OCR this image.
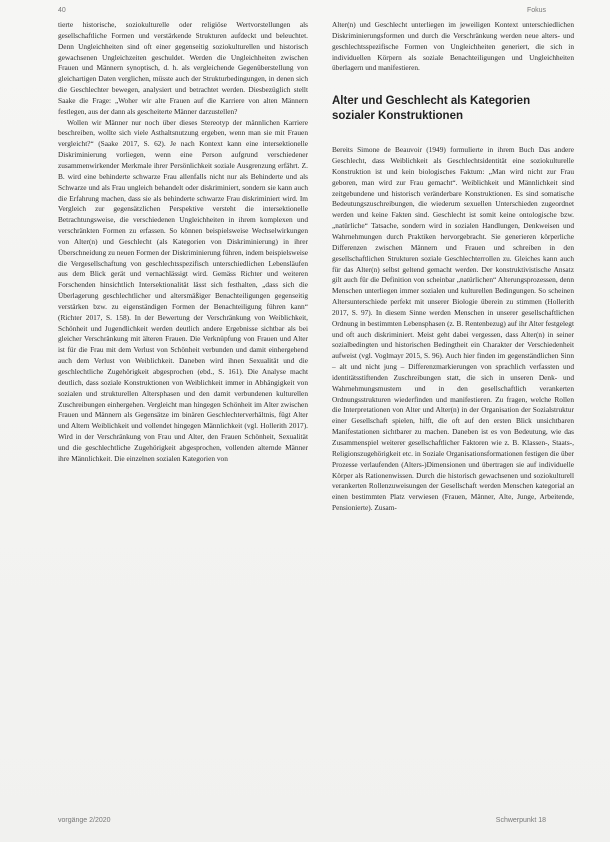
40	Fokus

tierte historische, soziokulturelle oder religiöse Wertvorstellungen als gesellschaftliche Formen und verstärkende Strukturen aufdeckt und beleuchtet. Denn Ungleichheiten sind oft einer gegenseitig soziokulturellen und historisch gewachsenen Ungleichzeiten geschuldet. Werden die Ungleichheiten zwischen Frauen und Männern synoptisch, d. h. als vergleichende Gegenüberstellung von gleichartigen Daten verglichen, müsste auch der Strukturbedingungen, in denen sich die Geschlechter bewegen, analysiert und betrachtet werden. Diesbezüglich stellt Saake die Frage: „Woher wir alte Frauen auf die Karriere von alten Männern festlegen, aus der dann als gescheiterte Männer darzustellen?

Wollen wir Männer nur noch über dieses Stereotyp der männlichen Karriere beschreiben, wollte sich viele Asthaltsnutzung ergeben, wenn man sie mit Frauen vergleicht?“ (Saake 2017, S. 62). Je nach Kontext kann eine intersektionelle Diskriminierung vorliegen, wenn eine Person aufgrund verschiedener zusammenwirkender Merkmale ihrer Persönlichkeit soziale Ausgrenzung erfährt. Z. B. wird eine behinderte schwarze Frau allenfalls nicht nur als Behinderte und als Schwarze und als Frau ungleich behandelt oder diskriminiert, sondern sie kann auch die Erfahrung machen, dass sie als behinderte schwarze Frau diskriminiert wird. Im Vergleich zur gegensätzlichen Perspektive versteht die intersektionelle Betrachtungsweise, die verschiedenen Ungleichheiten in ihrem komplexen und verschränkten Formen zu erfassen. So können beispielsweise Wechselwirkungen von Alter(n) und Geschlecht (als Kategorien von Diskriminierung) in ihrer Überschneidung zu neuen Formen der Diskriminierung führen, indem beispielsweise die Vergesellschaftung von geschlechtsspezifisch unterschiedlichen Lebensläufen aus dem Blick gerät und vernachlässigt wird. Gemäss Richter und weiteren Forschenden hinsichtlich Intersektionalität lässt sich festhalten, „dass sich die Überlagerung geschlechtlicher und altersmäßiger Benachteiligungen gegenseitig verstärken bzw. zu eigenständigen Formen der Benachteiligung führen kann“ (Richter 2017, S. 158). In der Bewertung der Verschränkung von Weiblichkeit, Schönheit und Jugendlichkeit werden deutlich andere Ergebnisse sichtbar als bei gleicher Verschränkung mit älteren Frauen. Die Verknüpfung von Frauen und Alter ist für die Frau mit dem Verlust von Schönheit verbunden und damit einhergehend auch dem Verlust von Weiblichkeit. Daneben wird ihnen Sexualität und die geschlechtliche Zugehörigkeit abgesprochen (ebd., S. 161). Die Analyse macht deutlich, dass soziale Konstruktionen von Weiblichkeit immer in Abhängigkeit von sozialen und strukturellen Altersphasen und den damit verbundenen kulturellen Zuschreibungen einhergehen. Vergleicht man hingegen Schönheit im Alter zwischen Frauen und Männern als Gegensätze im binären Geschlechterverhältnis, fügt Alter und Altern Weiblichkeit und vollendet hingegen Männlichkeit (vgl. Hollerith 2017). Wird in der Verschränkung von Frau und Alter, den Frauen Schönheit, Sexualität und die geschlechtliche Zugehörigkeit abgesprochen, vollenden alternde Männer ihre Männlichkeit. Die einzelnen sozialen Kategorien von

Alter(n) und Geschlecht unterliegen im jeweiligen Kontext unterschiedlichen Diskriminierungsformen und durch die Verschränkung werden neue alters- und geschlechtsspezifische Formen von Ungleichheiten generiert, die sich in individuellen Körpern als soziale Benachteiligungen und Ungleichheiten überlagern und manifestieren.

Alter und Geschlecht als Kategorien sozialer Konstruktionen

Bereits Simone de Beauvoir (1949) formulierte in ihrem Buch Das andere Geschlecht, dass Weiblichkeit als Geschlechtsidentität eine soziokulturelle Konstruktion ist und kein biologisches Faktum: „Man wird nicht zur Frau geboren, man wird zur Frau gemacht“. Weiblichkeit und Männlichkeit sind zeitgebundene und historisch veränderbare Konstruktionen. Es sind somatische Bedeutungszuschreibungen, die wiederum sexuellen Unterschieden zugeordnet werden und keine Fakten sind. Geschlecht ist somit keine ontologische bzw. „natürliche“ Tatsache, sondern wird in sozialen Handlungen, Denkweisen und Wahrnehmungen durch Praktiken hervorgebracht. Sie generieren körperliche Differenzen zwischen Männern und Frauen und schreiben in den gesellschaftlichen Strukturen soziale Geschlechterrollen zu. Gleiches kann auch für das Alter(n) selbst geltend gemacht werden. Der konstruktivistische Ansatz gilt auch für die Definition von scheinbar „natürlichen“ Alterungsprozessen, denn Menschen unterliegen immer sozialen und kulturellen Bedingungen. So scheinen Altersunterschiede perfekt mit unserer Biologie überein zu stimmen (Hollerith 2017, S. 97). In diesem Sinne werden Menschen in unserer gesellschaftlichen Ordnung in bestimmten Lebensphasen (z. B. Rentenbezug) auf ihr Alter festgelegt und oft auch diskriminiert. Meist geht dabei vergessen, dass Alter(n) in seiner sozialbedingten und historischen Bedingtheit ein Charakter der Verschiedenheit aufweist (vgl. Voglmayr 2015, S. 96). Auch hier finden im gegenständlichen Sinn – alt und nicht jung – Differenzmarkierungen von sprachlich verfassten und identitätsstiftenden Zuschreibungen statt, die sich in unseren Denk- und Wahrnehmungsmustern und in den gesellschaftlich verankerten Ordnungsstrukturen wiederfinden und manifestieren. Zu fragen, welche Rollen die Interpretationen von Alter und Alter(n) in der Organisation der Sozialstruktur einer Gesellschaft spielen, hilft, die oft auf den ersten Blick unsichtbaren Manifestationen sichtbarer zu machen. Daneben ist es von Bedeutung, wie das Zusammenspiel weiterer gesellschaftlicher Faktoren wie z. B. Klassen-, Staats-, Religionszugehörigkeit etc. in Soziale Organisationsformationen festigen die über Prozesse verlaufenden (Alters-)Dimensionen und übertragen sie auf individuelle Körper als Rationenwissen. Durch die historisch gewachsenen und soziokulturell verankerten Rollenzuweisungen der Gesellschaft werden Menschen kategorial an einen bestimmten Platz verwiesen (Frauen, Männer, Alte, Junge, Arbeitende, Pensionierte). Zusam-

vorgänge 2/2020	Schwerpunkt 18
